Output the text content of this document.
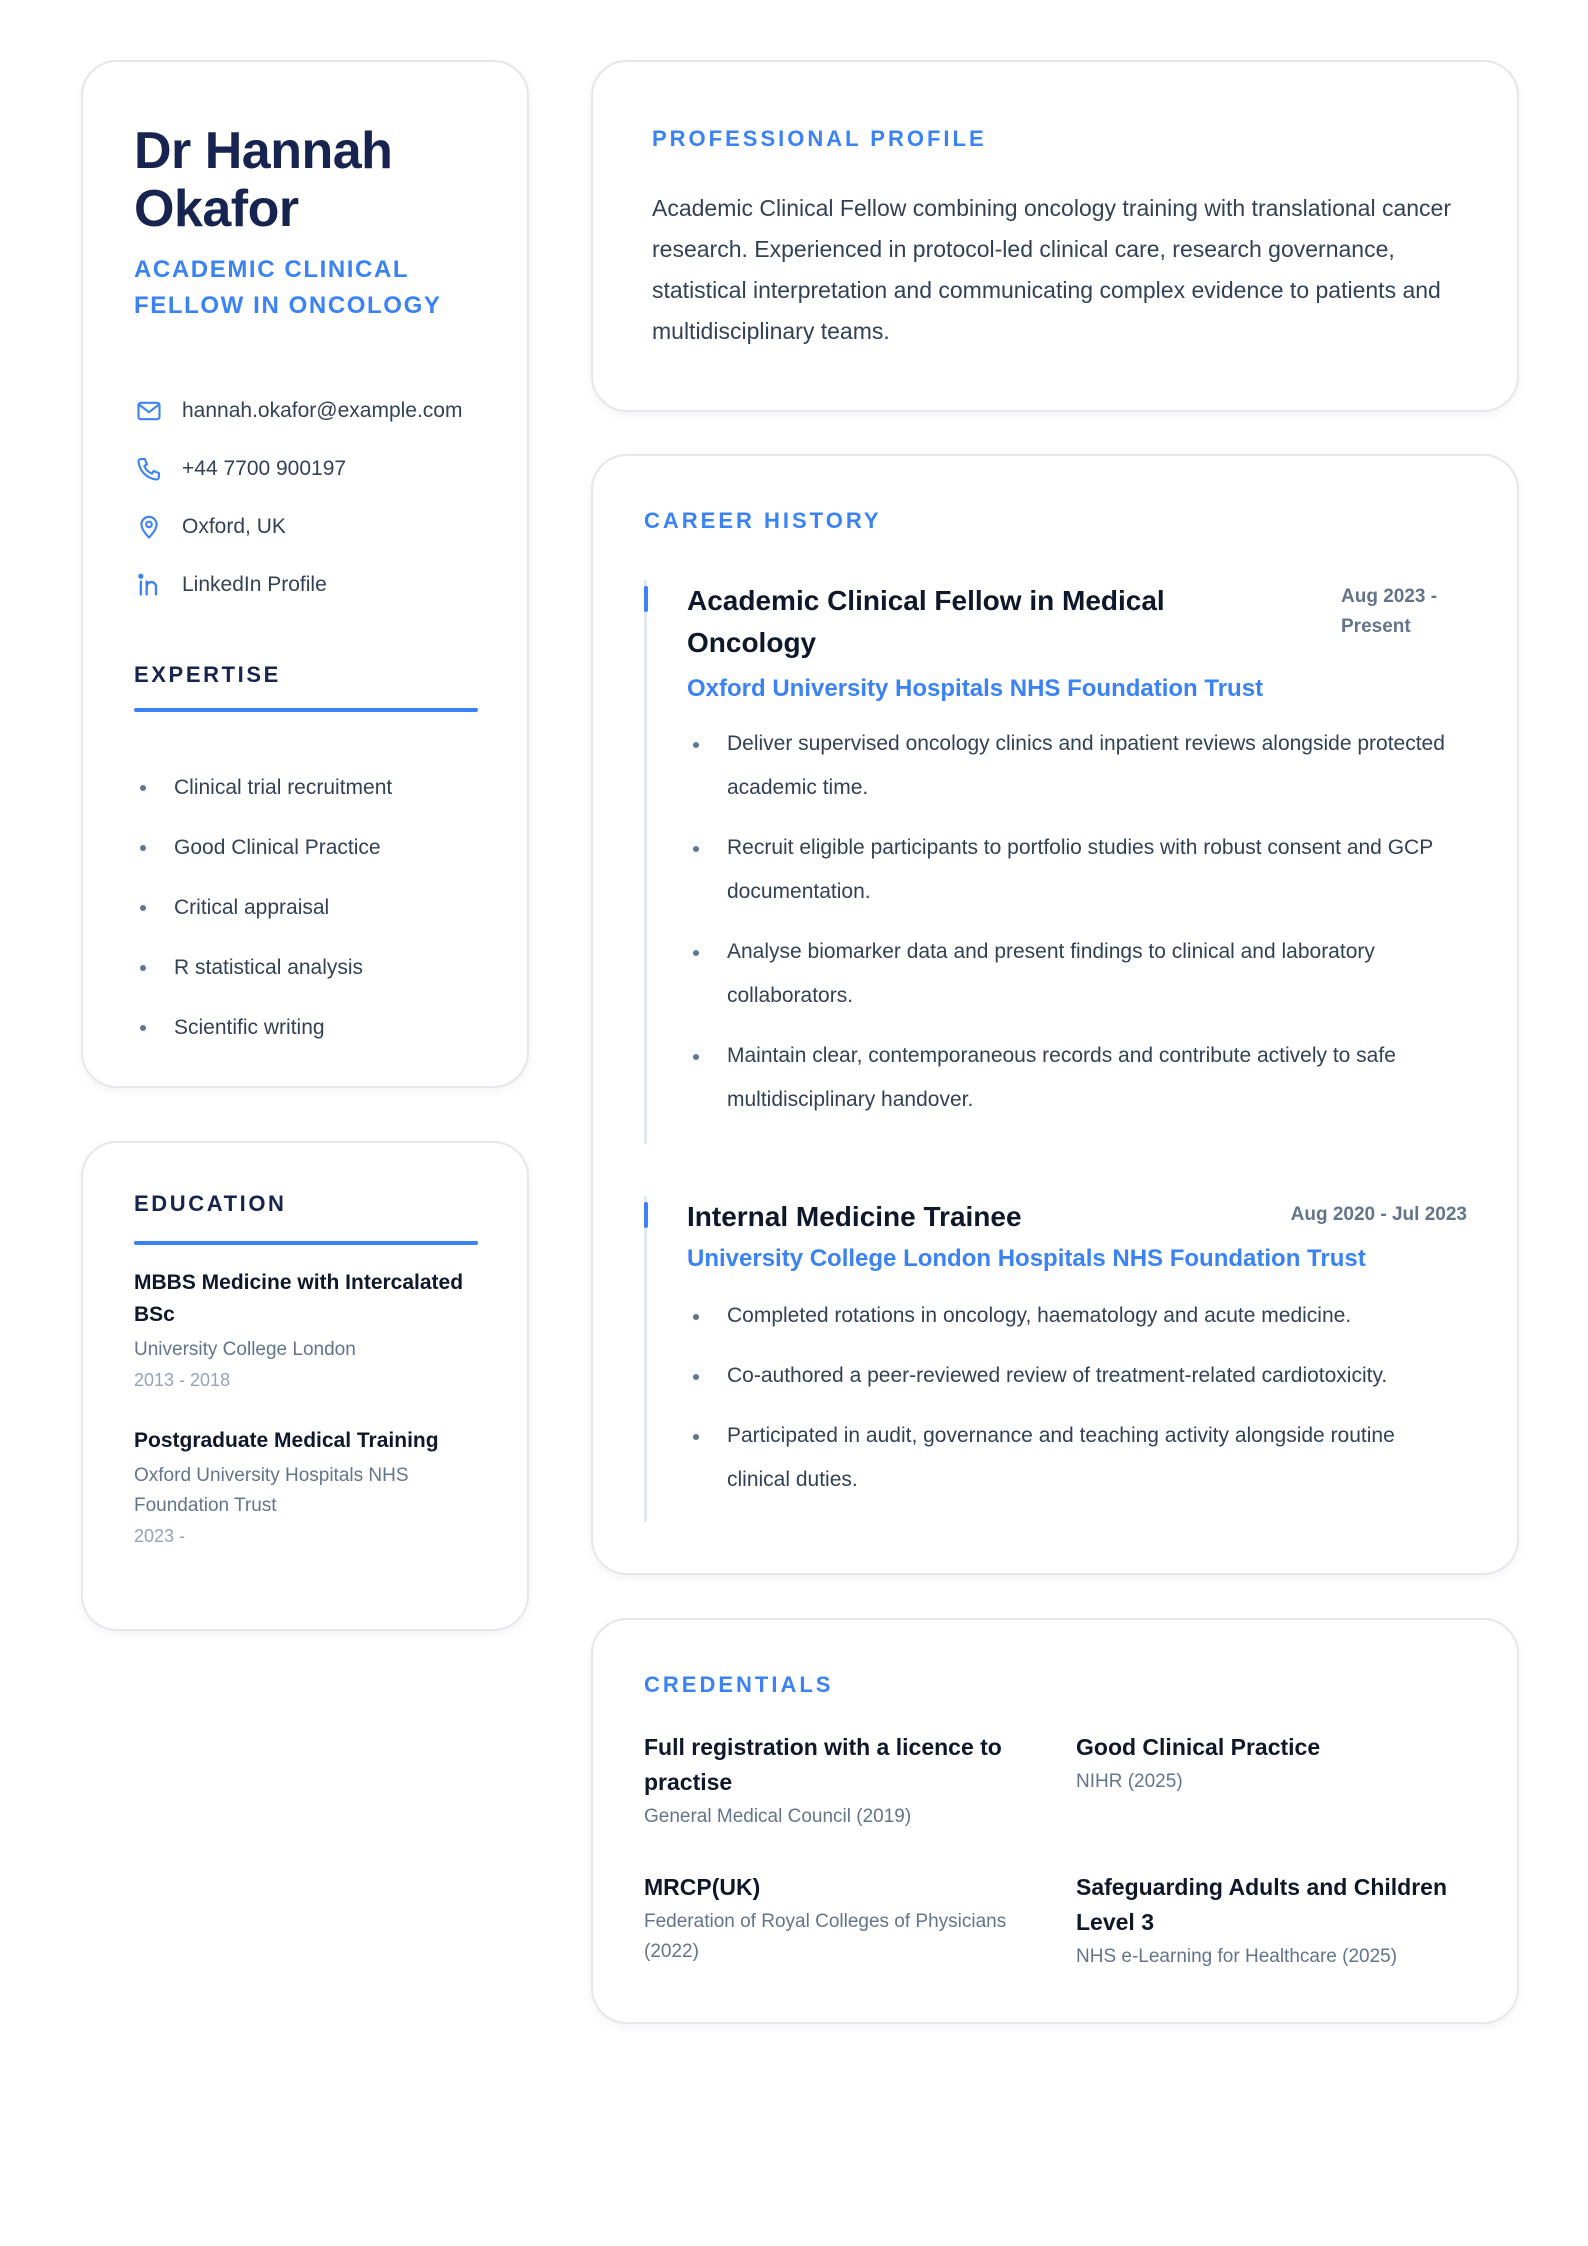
Dr Hannah Okafor
ACADEMIC CLINICAL FELLOW IN ONCOLOGY
hannah.okafor@example.com
+44 7700 900197
Oxford, UK
LinkedIn Profile
EXPERTISE
Clinical trial recruitment
Good Clinical Practice
Critical appraisal
R statistical analysis
Scientific writing
EDUCATION
MBBS Medicine with Intercalated BSc
University College London
2013 - 2018
Postgraduate Medical Training
Oxford University Hospitals NHS Foundation Trust
2023 -
PROFESSIONAL PROFILE
Academic Clinical Fellow combining oncology training with translational cancer research. Experienced in protocol-led clinical care, research governance, statistical interpretation and communicating complex evidence to patients and multidisciplinary teams.
CAREER HISTORY
Academic Clinical Fellow in Medical Oncology
Aug 2023 - Present
Oxford University Hospitals NHS Foundation Trust
Deliver supervised oncology clinics and inpatient reviews alongside protected academic time.
Recruit eligible participants to portfolio studies with robust consent and GCP documentation.
Analyse biomarker data and present findings to clinical and laboratory collaborators.
Maintain clear, contemporaneous records and contribute actively to safe multidisciplinary handover.
Internal Medicine Trainee	Aug 2020 - Jul 2023
University College London Hospitals NHS Foundation Trust
Completed rotations in oncology, haematology and acute medicine.
Co-authored a peer-reviewed review of treatment-related cardiotoxicity.
Participated in audit, governance and teaching activity alongside routine clinical duties.
CREDENTIALS
Full registration with a licence to practise
General Medical Council (2019)
Good Clinical Practice
NIHR (2025)
MRCP(UK)
Federation of Royal Colleges of Physicians (2022)
Safeguarding Adults and Children Level 3
NHS e-Learning for Healthcare (2025)
